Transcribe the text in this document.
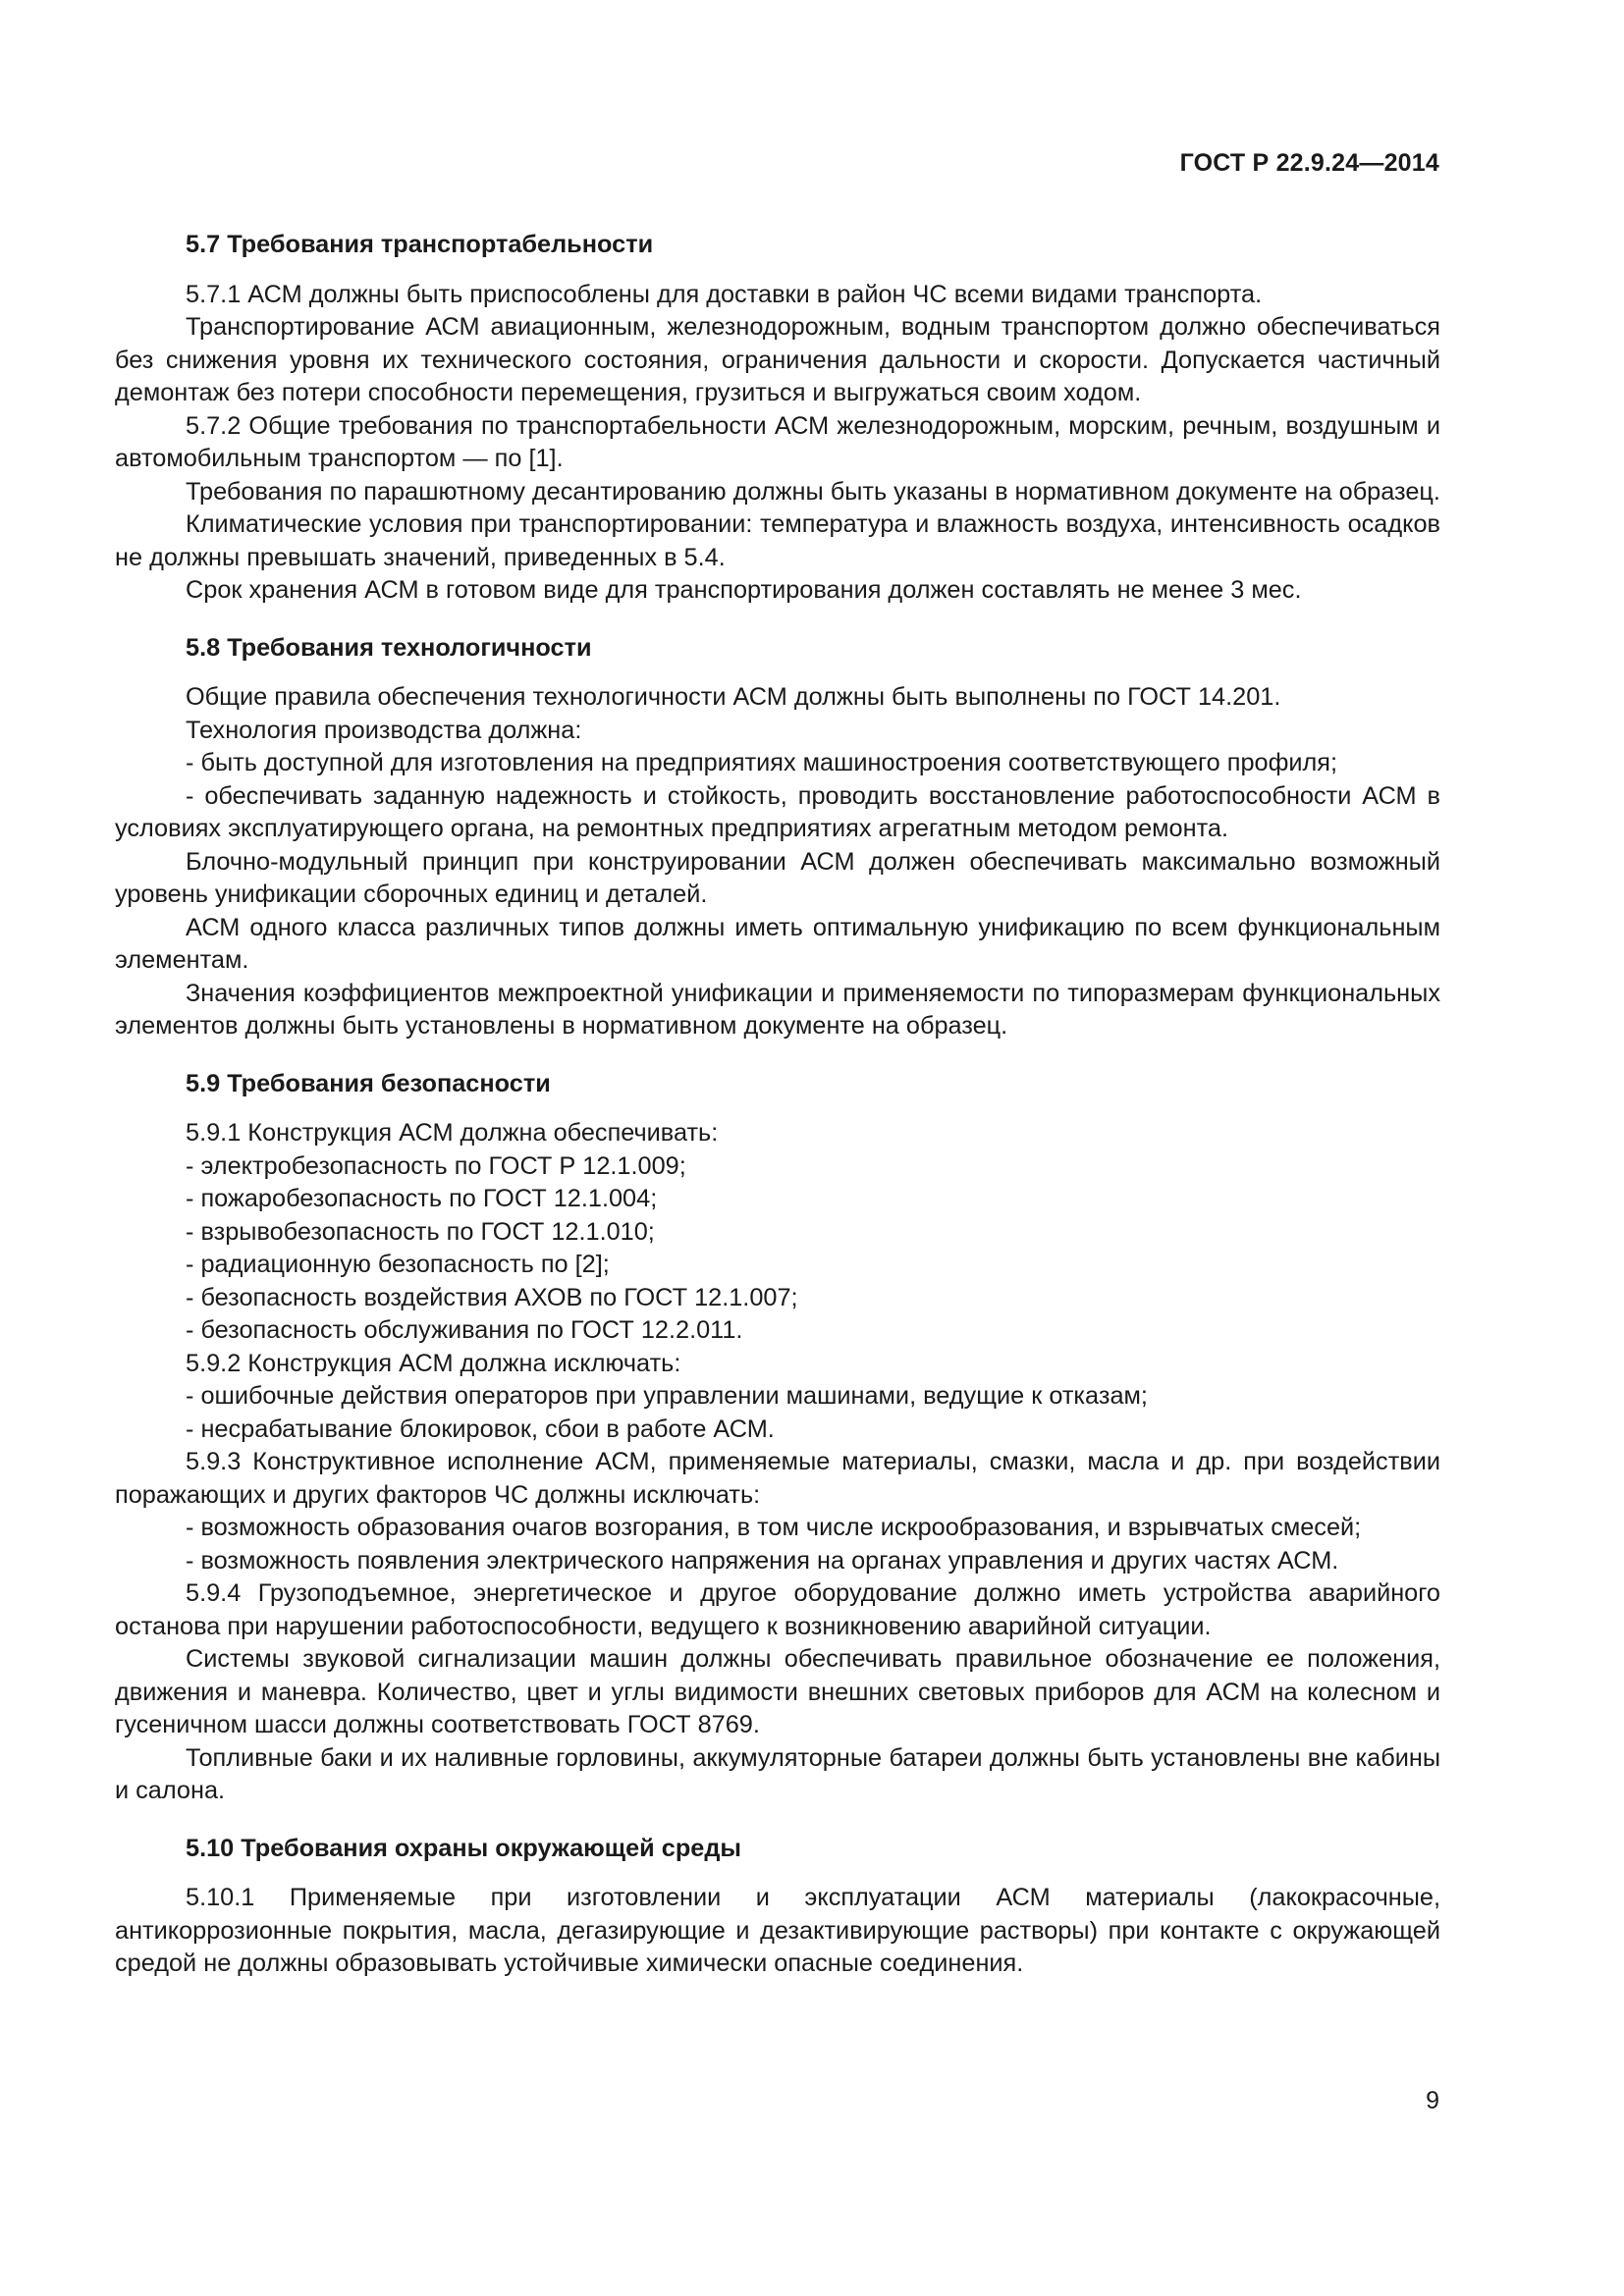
ГОСТ Р 22.9.24—2014

5.7 Требования транспортабельности

5.7.1 АСМ должны быть приспособлены для доставки в район ЧС всеми видами транспорта.

Транспортирование АСМ авиационным, железнодорожным, водным транспортом должно обеспечиваться без снижения уровня их технического состояния, ограничения дальности и скорости. Допускается частичный демонтаж без потери способности перемещения, грузиться и выгружаться своим ходом.

5.7.2 Общие требования по транспортабельности АСМ железнодорожным, морским, речным, воздушным и автомобильным транспортом — по [1].

Требования по парашютному десантированию должны быть указаны в нормативном документе на образец.

Климатические условия при транспортировании: температура и влажность воздуха, интенсивность осадков не должны превышать значений, приведенных в 5.4.

Срок хранения АСМ в готовом виде для транспортирования должен составлять не менее 3 мес.

5.8 Требования технологичности

Общие правила обеспечения технологичности АСМ должны быть выполнены по ГОСТ 14.201.

Технология производства должна:

- быть доступной для изготовления на предприятиях машиностроения соответствующего профиля;

- обеспечивать заданную надежность и стойкость, проводить восстановление работоспособности АСМ в условиях эксплуатирующего органа, на ремонтных предприятиях агрегатным методом ремонта.

Блочно-модульный принцип при конструировании АСМ должен обеспечивать максимально возможный уровень унификации сборочных единиц и деталей.

АСМ одного класса различных типов должны иметь оптимальную унификацию по всем функциональным элементам.

Значения коэффициентов межпроектной унификации и применяемости по типоразмерам функциональных элементов должны быть установлены в нормативном документе на образец.

5.9 Требования безопасности

5.9.1 Конструкция АСМ должна обеспечивать:

- электробезопасность по ГОСТ Р 12.1.009;

- пожаробезопасность по ГОСТ 12.1.004;

- взрывобезопасность по ГОСТ 12.1.010;

- радиационную безопасность по [2];

- безопасность воздействия АХОВ по ГОСТ 12.1.007;

- безопасность обслуживания по ГОСТ 12.2.011.

5.9.2 Конструкция АСМ должна исключать:

- ошибочные действия операторов при управлении машинами, ведущие к отказам;

- несрабатывание блокировок, сбои в работе АСМ.

5.9.3 Конструктивное исполнение АСМ, применяемые материалы, смазки, масла и др. при воздействии поражающих и других факторов ЧС должны исключать:

- возможность образования очагов возгорания, в том числе искрообразования, и взрывчатых смесей;

- возможность появления электрического напряжения на органах управления и других частях АСМ.

5.9.4 Грузоподъемное, энергетическое и другое оборудование должно иметь устройства аварийного останова при нарушении работоспособности, ведущего к возникновению аварийной ситуации.

Системы звуковой сигнализации машин должны обеспечивать правильное обозначение ее положения, движения и маневра. Количество, цвет и углы видимости внешних световых приборов для АСМ на колесном и гусеничном шасси должны соответствовать ГОСТ 8769.

Топливные баки и их наливные горловины, аккумуляторные батареи должны быть установлены вне кабины и салона.

5.10 Требования охраны окружающей среды

5.10.1 Применяемые при изготовлении и эксплуатации АСМ материалы (лакокрасочные, антикоррозионные покрытия, масла, дегазирующие и дезактивирующие растворы) при контакте с окружающей средой не должны образовывать устойчивые химически опасные соединения.

9
